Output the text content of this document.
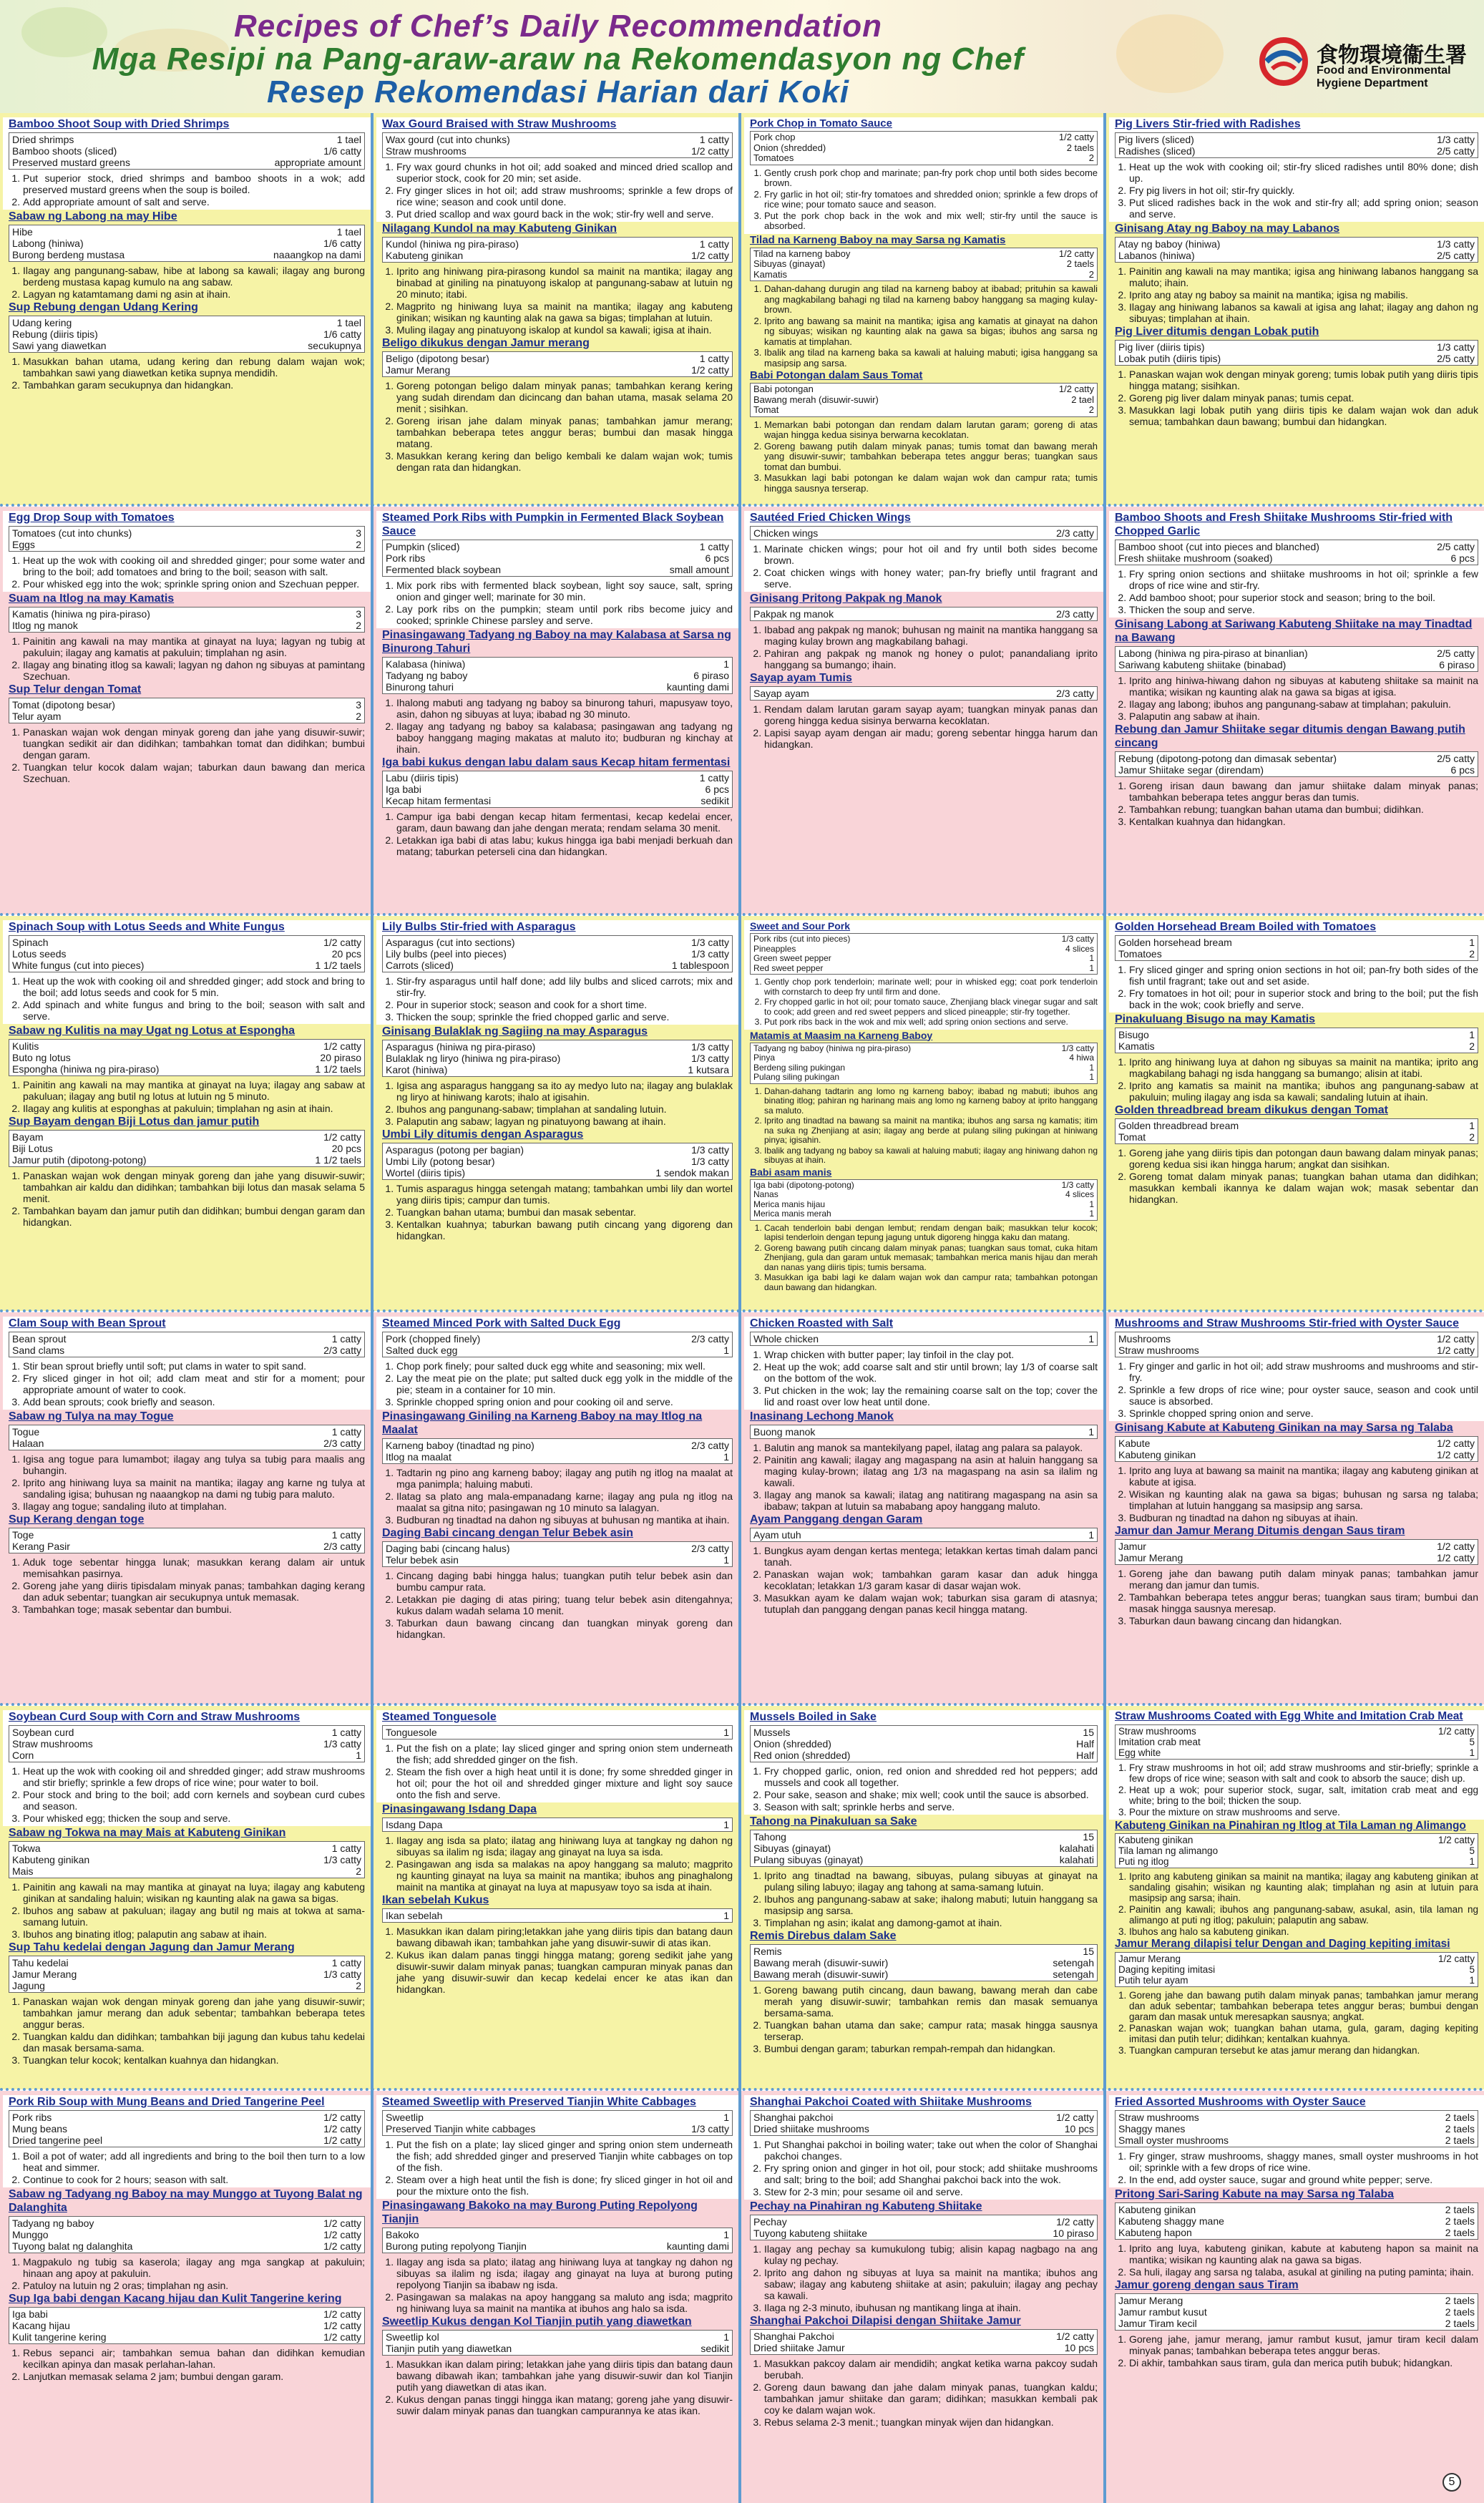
Recipes of Chef’s Daily Recommendation
Mga Resipi na Pang-araw-araw na Rekomendasyon ng Chef
Resep Rekomendasi Harian dari Koki
食物環境衞生署
Food and Environmental Hygiene Department
Bamboo Shoot Soup with Dried Shrimps
Dried shrimps	1 tael
Bamboo shoots (sliced)	1/6 catty
Preserved mustard greens	appropriate amount
1. Put superior stock, dried shrimps and bamboo shoots in a wok; add preserved mustard greens when the soup is boiled.
2. Add appropriate amount of salt and serve.
Sabaw ng Labong na may Hibe
Hibe	1 tael
Labong (hiniwa)	1/6 catty
Burong berdeng mustasa	naaangkop na dami
1. Ilagay ang pangunang-sabaw, hibe at labong sa kawali; ilagay ang burong berdeng mustasa kapag kumulo na ang sabaw.
2. Lagyan ng katamtamang dami ng asin at ihain.
Sup Rebung dengan Udang Kering
Udang kering	1 tael
Rebung (diiris tipis)	1/6 catty
Sawi yang diawetkan	secukupnya
1. Masukkan bahan utama, udang kering dan rebung dalam wajan wok; tambahkan sawi yang diawetkan ketika supnya mendidih.
2. Tambahkan garam secukupnya dan hidangkan.
Wax Gourd Braised with Straw Mushrooms
Wax gourd (cut into chunks)	1 catty
Straw mushrooms	1/2 catty
1. Fry wax gourd chunks in hot oil; add soaked and minced dried scallop and superior stock, cook for 20 min; set aside.
2. Fry ginger slices in hot oil; add straw mushrooms; sprinkle a few drops of rice wine; season and cook until done.
3. Put dried scallop and wax gourd back in the wok; stir-fry well and serve.
Nilagang Kundol na may Kabuteng Ginikan
Kundol (hiniwa ng pira-piraso)	1 catty
Kabuteng ginikan	1/2 catty
1. Iprito ang hiniwang pira-pirasong kundol sa mainit na mantika; ilagay ang binabad at giniling na pinatuyong iskalop at pangunang-sabaw at lutuin ng 20 minuto; itabi.
2. Magprito ng hiniwang luya sa mainit na mantika; ilagay ang kabuteng ginikan; wisikan ng kaunting alak na gawa sa bigas; timplahan at lutuin.
3. Muling ilagay ang pinatuyong iskalop at kundol sa kawali; igisa at ihain.
Beligo dikukus dengan Jamur merang
Beligo (dipotong besar)	1 catty
Jamur Merang	1/2 catty
1. Goreng potongan beligo dalam minyak panas; tambahkan kerang kering yang sudah direndam dan dicincang dan bahan utama, masak selama 20 menit ; sisihkan.
2. Goreng irisan jahe dalam minyak panas; tambahkan jamur merang; tambahkan beberapa tetes anggur beras; bumbui dan masak hingga matang.
3. Masukkan kerang kering dan beligo kembali ke dalam wajan wok; tumis dengan rata dan hidangkan.
Pork Chop in Tomato Sauce
Pork chop	1/2 catty
Onion (shredded)	2 taels
Tomatoes	2
1. Gently crush pork chop and marinate; pan-fry pork chop until both sides become brown.
2. Fry garlic in hot oil; stir-fry tomatoes and shredded onion; sprinkle a few drops of rice wine; pour tomato sauce and season.
3. Put the pork chop back in the wok and mix well; stir-fry until the sauce is absorbed.
Tilad na Karneng Baboy na may Sarsa ng Kamatis
Tilad na karneng baboy	1/2 catty
Sibuyas (ginayat)	2 taels
Kamatis	2
1. Dahan-dahang durugin ang tilad na karneng baboy at ibabad; prituhin sa kawali ang magkabilang bahagi ng tilad na karneng baboy hanggang sa maging kulay-brown.
2. Iprito ang bawang sa mainit na mantika; igisa ang kamatis at ginayat na dahon ng sibuyas; wisikan ng kaunting alak na gawa sa bigas; ibuhos ang sarsa ng kamatis at timplahan.
3. Ibalik ang tilad na karneng baka sa kawali at haluing mabuti; igisa hanggang sa masipsip ang sarsa.
Babi Potongan dalam Saus Tomat
Babi potongan	1/2 catty
Bawang merah (disuwir-suwir)	2 tael
Tomat	2
1. Memarkan babi potongan dan rendam dalam larutan garam; goreng di atas wajan hingga kedua sisinya berwarna kecoklatan.
2. Goreng bawang putih dalam minyak panas; tumis tomat dan bawang merah yang disuwir-suwir; tambahkan beberapa tetes anggur beras; tuangkan saus tomat dan bumbui.
3. Masukkan lagi babi potongan ke dalam wajan wok dan campur rata; tumis hingga sausnya terserap.
Pig Livers Stir-fried with Radishes
Pig livers (sliced)	1/3 catty
Radishes (sliced)	2/5 catty
1. Heat up the wok with cooking oil; stir-fry sliced radishes until 80% done; dish up.
2. Fry pig livers in hot oil; stir-fry quickly.
3. Put sliced radishes back in the wok and stir-fry all; add spring onion; season and serve.
Ginisang Atay ng Baboy na may Labanos
Atay ng baboy (hiniwa)	1/3 catty
Labanos (hiniwa)	2/5 catty
1. Painitin ang kawali na may mantika; igisa ang hiniwang labanos hanggang sa maluto; ihain.
2. Iprito ang atay ng baboy sa mainit na mantika; igisa ng mabilis.
3. Ilagay ang hiniwang labanos sa kawali at igisa ang lahat; ilagay ang dahon ng sibuyas; timplahan at ihain.
Pig Liver ditumis dengan Lobak putih
Pig liver (diiris tipis)	1/3 catty
Lobak putih (diiris tipis)	2/5 catty
1. Panaskan wajan wok dengan minyak goreng; tumis lobak putih yang diiris tipis hingga matang; sisihkan.
2. Goreng pig liver dalam minyak panas; tumis cepat.
3. Masukkan lagi lobak putih yang diiris tipis ke dalam wajan wok dan aduk semua; tambahkan daun bawang; bumbui dan hidangkan.
Egg Drop Soup with Tomatoes
Tomatoes (cut into chunks)	3
Eggs	2
1. Heat up the wok with cooking oil and shredded ginger; pour some water and bring to the boil; add tomatoes and bring to the boil; season with salt.
2. Pour whisked egg into the wok; sprinkle spring onion and Szechuan pepper.
Suam na Itlog na may Kamatis
Kamatis (hiniwa ng pira-piraso)	3
Itlog ng manok	2
1. Painitin ang kawali na may mantika at ginayat na luya; lagyan ng tubig at pakuluin; ilagay ang kamatis at pakuluin; timplahan ng asin.
2. Ilagay ang binating itlog sa kawali; lagyan ng dahon ng sibuyas at pamintang Szechuan.
Sup Telur dengan Tomat
Tomat (dipotong besar)	3
Telur ayam	2
1. Panaskan wajan wok dengan minyak goreng dan jahe yang disuwir-suwir; tuangkan sedikit air dan didihkan; tambahkan tomat dan didihkan; bumbui dengan garam.
2. Tuangkan telur kocok dalam wajan; taburkan daun bawang dan merica Szechuan.
Steamed Pork Ribs with Pumpkin in Fermented Black Soybean Sauce
Pumpkin (sliced)	1 catty
Pork ribs	6 pcs
Fermented black soybean	small amount
1. Mix pork ribs with fermented black soybean, light soy sauce, salt, spring onion and ginger well; marinate for 30 min.
2. Lay pork ribs on the pumpkin; steam until pork ribs become juicy and cooked; sprinkle Chinese parsley and serve.
Pinasingawang Tadyang ng Baboy na may Kalabasa at Sarsa ng Binurong Tahuri
Kalabasa (hiniwa)	1
Tadyang ng baboy	6 piraso
Binurong tahuri	kaunting dami
1. Ihalong mabuti ang tadyang ng baboy sa binurong tahuri, mapusyaw toyo, asin, dahon ng sibuyas at luya; ibabad ng 30 minuto.
2. Ilagay ang tadyang ng baboy sa kalabasa; pasingawan ang tadyang ng baboy hanggang maging makatas at maluto ito; budburan ng kinchay at ihain.
Iga babi kukus dengan labu dalam saus Kecap hitam fermentasi
Labu (diiris tipis)	1 catty
Iga babi	6 pcs
Kecap hitam fermentasi	sedikit
1. Campur iga babi dengan kecap hitam fermentasi, kecap kedelai encer, garam, daun bawang dan jahe dengan merata; rendam selama 30 menit.
2. Letakkan iga babi di atas labu; kukus hingga iga babi menjadi berkuah dan matang; taburkan peterseli cina dan hidangkan.
Sautéed Fried Chicken Wings
Chicken wings	2/3 catty
1. Marinate chicken wings; pour hot oil and fry until both sides become brown.
2. Coat chicken wings with honey water; pan-fry briefly until fragrant and serve.
Ginisang Pritong Pakpak ng Manok
Pakpak ng manok	2/3 catty
1. Ibabad ang pakpak ng manok; buhusan ng mainit na mantika hanggang sa maging kulay brown ang magkabilang bahagi.
2. Pahiran ang pakpak ng manok ng honey o pulot; panandaliang iprito hanggang sa bumango; ihain.
Sayap ayam Tumis
Sayap ayam	2/3 catty
1. Rendam dalam larutan garam sayap ayam; tuangkan minyak panas dan goreng hingga kedua sisinya berwarna kecoklatan.
2. Lapisi sayap ayam dengan air madu; goreng sebentar hingga harum dan hidangkan.
Bamboo Shoots and Fresh Shiitake Mushrooms Stir-fried with Chopped Garlic
Bamboo shoot (cut into pieces and blanched)	2/5 catty
Fresh shiitake mushroom (soaked)	6 pcs
1. Fry spring onion sections and shiitake mushrooms in hot oil; sprinkle a few drops of rice wine and stir-fry.
2. Add bamboo shoot; pour superior stock and season; bring to the boil.
3. Thicken the soup and serve.
Ginisang Labong at Sariwang Kabuteng Shiitake na may Tinadtad na Bawang
Labong (hiniwa ng pira-piraso at binanlian)	2/5 catty
Sariwang kabuteng shiitake (binabad)	6 piraso
1. Iprito ang hiniwa-hiwang dahon ng sibuyas at kabuteng shiitake sa mainit na mantika; wisikan ng kaunting alak na gawa sa bigas at igisa.
2. Ilagay ang labong; ibuhos ang pangunang-sabaw at timplahan; pakuluin.
3. Palaputin ang sabaw at ihain.
Rebung dan Jamur Shiitake segar ditumis dengan Bawang putih cincang
Rebung (dipotong-potong dan dimasak sebentar)	2/5 catty
Jamur Shiitake segar (direndam)	6 pcs
1. Goreng irisan daun bawang dan jamur shiitake dalam minyak panas; tambahkan beberapa tetes anggur beras dan tumis.
2. Tambahkan rebung; tuangkan bahan utama dan bumbui; didihkan.
3. Kentalkan kuahnya dan hidangkan.
Spinach Soup with Lotus Seeds and White Fungus
Spinach	1/2 catty
Lotus seeds	20 pcs
White fungus (cut into pieces)	1 1/2 taels
1. Heat up the wok with cooking oil and shredded ginger; add stock and bring to the boil; add lotus seeds and cook for 5 min.
2. Add spinach and white fungus and bring to the boil; season with salt and serve.
Sabaw ng Kulitis na may Ugat ng Lotus at Espongha
Kulitis	1/2 catty
Buto ng lotus	20 piraso
Espongha (hiniwa ng pira-piraso)	1 1/2 taels
1. Painitin ang kawali na may mantika at ginayat na luya; ilagay ang sabaw at pakuluan; ilagay ang butil ng lotus at lutuin ng 5 minuto.
2. Ilagay ang kulitis at esponghas at pakuluin; timplahan ng asin at ihain.
Sup Bayam dengan Biji Lotus dan jamur putih
Bayam	1/2 catty
Biji Lotus	20 pcs
Jamur putih (dipotong-potong)	1 1/2 taels
1. Panaskan wajan wok dengan minyak goreng dan jahe yang disuwir-suwir; tambahkan air kaldu dan didihkan; tambahkan biji lotus dan masak selama 5 menit.
2. Tambahkan bayam dan jamur putih dan didihkan; bumbui dengan garam dan hidangkan.
Lily Bulbs Stir-fried with Asparagus
Asparagus (cut into sections)	1/3 catty
Lily bulbs (peel into pieces)	1/3 catty
Carrots (sliced)	1 tablespoon
1. Stir-fry asparagus until half done; add lily bulbs and sliced carrots; mix and stir-fry.
2. Pour in superior stock; season and cook for a short time.
3. Thicken the soup; sprinkle the fried chopped garlic and serve.
Ginisang Bulaklak ng Sagiing na may Asparagus
Asparagus (hiniwa ng pira-piraso)	1/3 catty
Bulaklak ng liryo (hiniwa ng pira-piraso)	1/3 catty
Karot (hiniwa)	1 kutsara
1. Igisa ang asparagus hanggang sa ito ay medyo luto na; ilagay ang bulaklak ng liryo at hiniwang karots; ihalo at igisahin.
2. Ibuhos ang pangunang-sabaw; timplahan at sandaling lutuin.
3. Palaputin ang sabaw; lagyan ng pinatuyong bawang at ihain.
Umbi Lily ditumis dengan Asparagus
Asparagus (potong per bagian)	1/3 catty
Umbi Lily (potong besar)	1/3 catty
Wortel (diiris tipis)	1 sendok makan
1. Tumis asparagus hingga setengah matang; tambahkan umbi lily dan wortel yang diiris tipis; campur dan tumis.
2. Tuangkan bahan utama; bumbui dan masak sebentar.
3. Kentalkan kuahnya; taburkan bawang putih cincang yang digoreng dan hidangkan.
Sweet and Sour Pork
Pork ribs (cut into pieces)	1/3 catty
Pineapples	4 slices
Green sweet pepper	1
Red sweet pepper	1
1. Gently chop pork tenderloin; marinate well; pour in whisked egg; coat pork tenderloin with cornstarch to deep fry until firm and done.
2. Fry chopped garlic in hot oil; pour tomato sauce, Zhenjiang black vinegar sugar and salt to cook; add green and red sweet peppers and sliced pineapple; stir-fry together.
3. Put pork ribs back in the wok and mix well; add spring onion sections and serve.
Matamis at Maasim na Karneng Baboy
Tadyang ng baboy (hiniwa ng pira-piraso)	1/3 catty
Pinya	4 hiwa
Berdeng siling pukingan	1
Pulang siling pukingan	1
1. Dahan-dahang tadtarin ang lomo ng karneng baboy; ibabad ng mabuti; ibuhos ang binating itlog; pahiran ng harinang mais ang lomo ng karneng baboy at iprito hanggang sa maluto.
2. Iprito ang tinadtad na bawang sa mainit na mantika; ibuhos ang sarsa ng kamatis; itim na suka ng Zhenjiang at asin; ilagay ang berde at pulang siling pukingan at hiniwang pinya; igisahin.
3. Ibalik ang tadyang ng baboy sa kawali at haluing mabuti; ilagay ang hiniwang dahon ng sibuyas at ihain.
Babi asam manis
Iga babi (dipotong-potong)	1/3 catty
Nanas	4 slices
Merica manis hijau	1
Merica manis merah	1
1. Cacah tenderloin babi dengan lembut; rendam dengan baik; masukkan telur kocok; lapisi tenderloin dengan tepung jagung untuk digoreng hingga kaku dan matang.
2. Goreng bawang putih cincang dalam minyak panas; tuangkan saus tomat, cuka hitam Zhenjiang, gula dan garam untuk memasak; tambahkan merica manis hijau dan merah dan nanas yang diiris tipis; tumis bersama.
3. Masukkan iga babi lagi ke dalam wajan wok dan campur rata; tambahkan potongan daun bawang dan hidangkan.
Golden Horsehead Bream Boiled with Tomatoes
Golden horsehead bream	1
Tomatoes	2
1. Fry sliced ginger and spring onion sections in hot oil; pan-fry both sides of the fish until fragrant; take out and set aside.
2. Fry tomatoes in hot oil; pour in superior stock and bring to the boil; put the fish back in the wok; cook briefly and serve.
Pinakuluang Bisugo na may Kamatis
Bisugo	1
Kamatis	2
1. Iprito ang hiniwang luya at dahon ng sibuyas sa mainit na mantika; iprito ang magkabilang bahagi ng isda hanggang sa bumango; alisin at itabi.
2. Iprito ang kamatis sa mainit na mantika; ibuhos ang pangunang-sabaw at pakuluin; muling ilagay ang isda sa kawali; sandaling lutuin at ihain.
Golden threadbread bream dikukus dengan Tomat
Golden threadbread bream	1
Tomat	2
1. Goreng jahe yang diiris tipis dan potongan daun bawang dalam minyak panas; goreng kedua sisi ikan hingga harum; angkat dan sisihkan.
2. Goreng tomat dalam minyak panas; tuangkan bahan utama dan didihkan; masukkan kembali ikannya ke dalam wajan wok; masak sebentar dan hidangkan.
Clam Soup with Bean Sprout
Bean sprout	1 catty
Sand clams	2/3 catty
1. Stir bean sprout briefly until soft; put clams in water to spit sand.
2. Fry sliced ginger in hot oil; add clam meat and stir for a moment; pour appropriate amount of water to cook.
3. Add bean sprouts; cook briefly and season.
Sabaw ng Tulya na may Togue
Togue	1 catty
Halaan	2/3 catty
1. Igisa ang togue para lumambot; ilagay ang tulya sa tubig para maalis ang buhangin.
2. Iprito ang hiniwang luya sa mainit na mantika; ilagay ang karne ng tulya at sandaling igisa; buhusan ng naaangkop na dami ng tubig para maluto.
3. Ilagay ang togue; sandaling iluto at timplahan.
Sup Kerang dengan toge
Toge	1 catty
Kerang Pasir	2/3 catty
1. Aduk toge sebentar hingga lunak; masukkan kerang dalam air untuk memisahkan pasirnya.
2. Goreng jahe yang diiris tipisdalam minyak panas; tambahkan daging kerang dan aduk sebentar; tuangkan air secukupnya untuk memasak.
3. Tambahkan toge; masak sebentar dan bumbui.
Steamed Minced Pork with Salted Duck Egg
Pork (chopped finely)	2/3 catty
Salted duck egg	1
1. Chop pork finely; pour salted duck egg white and seasoning; mix well.
2. Lay the meat pie on the plate; put salted duck egg yolk in the middle of the pie; steam in a container for 10 min.
3. Sprinkle chopped spring onion and pour cooking oil and serve.
Pinasingawang Giniling na Karneng Baboy na may Itlog na Maalat
Karneng baboy (tinadtad ng pino)	2/3 catty
Itlog na maalat	1
1. Tadtarin ng pino ang karneng baboy; ilagay ang putih ng itlog na maalat at mga panimpla; haluing mabuti.
2. Ilatag sa plato ang mala-empanadang karne; ilagay ang pula ng itlog na maalat sa gitna nito; pasingawan ng 10 minuto sa lalagyan.
3. Budburan ng tinadtad na dahon ng sibuyas at buhusan ng mantika at ihain.
Daging Babi cincang dengan Telur Bebek asin
Daging babi (cincang halus)	2/3 catty
Telur bebek asin	1
1. Cincang daging babi hingga halus; tuangkan putih telur bebek asin dan bumbu campur rata.
2. Letakkan pie daging di atas piring; tuang telur bebek asin ditengahnya; kukus dalam wadah selama 10 menit.
3. Taburkan daun bawang cincang dan tuangkan minyak goreng dan hidangkan.
Chicken Roasted with Salt
Whole chicken	1
1. Wrap chicken with butter paper; lay tinfoil in the clay pot.
2. Heat up the wok; add coarse salt and stir until brown; lay 1/3 of coarse salt on the bottom of the wok.
3. Put chicken in the wok; lay the remaining coarse salt on the top; cover the lid and roast over low heat until done.
Inasinang Lechong Manok
Buong manok	1
1. Balutin ang manok sa mantekilyang papel, ilatag ang palara sa palayok.
2. Painitin ang kawali; ilagay ang magaspang na asin at haluin hanggang sa maging kulay-brown; ilatag ang 1/3 na magaspang na asin sa ilalim ng kawali.
3. Ilagay ang manok sa kawali; ilatag ang natitirang magaspang na asin sa ibabaw; takpan at lutuin sa mababang apoy hanggang maluto.
Ayam Panggang dengan Garam
Ayam utuh	1
1. Bungkus ayam dengan kertas mentega; letakkan kertas timah dalam panci tanah.
2. Panaskan wajan wok; tambahkan garam kasar dan aduk hingga kecoklatan; letakkan 1/3 garam kasar di dasar wajan wok.
3. Masukkan ayam ke dalam wajan wok; taburkan sisa garam di atasnya; tutuplah dan panggang dengan panas kecil hingga matang.
Mushrooms and Straw Mushrooms Stir-fried with Oyster Sauce
Mushrooms	1/2 catty
Straw mushrooms	1/2 catty
1. Fry ginger and garlic in hot oil; add straw mushrooms and mushrooms and stir-fry.
2. Sprinkle a few drops of rice wine; pour oyster sauce, season and cook until sauce is absorbed.
3. Sprinkle chopped spring onion and serve.
Ginisang Kabute at Kabuteng Ginikan na may Sarsa ng Talaba
Kabute	1/2 catty
Kabuteng ginikan	1/2 catty
1. Iprito ang luya at bawang sa mainit na mantika; ilagay ang kabuteng ginikan at kabute at igisa.
2. Wisikan ng kaunting alak na gawa sa bigas; buhusan ng sarsa ng talaba; timplahan at lutuin hanggang sa masipsip ang sarsa.
3. Budburan ng tinadtad na dahon ng sibuyas at ihain.
Jamur dan Jamur Merang Ditumis dengan Saus tiram
Jamur	1/2 catty
Jamur Merang	1/2 catty
1. Goreng jahe dan bawang putih dalam minyak panas; tambahkan jamur merang dan jamur dan tumis.
2. Tambahkan beberapa tetes anggur beras; tuangkan saus tiram; bumbui dan masak hingga sausnya meresap.
3. Taburkan daun bawang cincang dan hidangkan.
Soybean Curd Soup with Corn and Straw Mushrooms
Soybean curd	1 catty
Straw mushrooms	1/3 catty
Corn	1
1. Heat up the wok with cooking oil and shredded ginger; add straw mushrooms and stir briefly; sprinkle a few drops of rice wine; pour water to boil.
2. Pour stock and bring to the boil; add corn kernels and soybean curd cubes and season.
3. Pour whisked egg; thicken the soup and serve.
Sabaw ng Tokwa na may Mais at Kabuteng Ginikan
Tokwa	1 catty
Kabuteng ginikan	1/3 catty
Mais	2
1. Painitin ang kawali na may mantika at ginayat na luya; ilagay ang kabuteng ginikan at sandaling haluin; wisikan ng kaunting alak na gawa sa bigas.
2. Ibuhos ang sabaw at pakuluan; ilagay ang butil ng mais at tokwa at sama-samang lutuin.
3. Ibuhos ang binating itlog; palaputin ang sabaw at ihain.
Sup Tahu kedelai dengan Jagung dan Jamur Merang
Tahu kedelai	1 catty
Jamur Merang	1/3 catty
Jagung	2
1. Panaskan wajan wok dengan minyak goreng dan jahe yang disuwir-suwir; tambahkan jamur merang dan aduk sebentar; tambahkan beberapa tetes anggur beras.
2. Tuangkan kaldu dan didihkan; tambahkan biji jagung dan kubus tahu kedelai dan masak bersama-sama.
3. Tuangkan telur kocok; kentalkan kuahnya dan hidangkan.
Steamed Tonguesole
Tonguesole	1
1. Put the fish on a plate; lay sliced ginger and spring onion stem underneath the fish; add shredded ginger on the fish.
2. Steam the fish over a high heat until it is done; fry some shredded ginger in hot oil; pour the hot oil and shredded ginger mixture and light soy sauce onto the fish and serve.
Pinasingawang Isdang Dapa
Isdang Dapa	1
1. Ilagay ang isda sa plato; ilatag ang hiniwang luya at tangkay ng dahon ng sibuyas sa ilalim ng isda; ilagay ang ginayat na luya sa isda.
2. Pasingawan ang isda sa malakas na apoy hanggang sa maluto; magprito ng kaunting ginayat na luya sa mainit na mantika; ibuhos ang pinaghalong mainit na mantika at ginayat na luya at mapusyaw toyo sa isda at ihain.
Ikan sebelah Kukus
Ikan sebelah	1
1. Masukkan ikan dalam piring;letakkan jahe yang diiris tipis dan batang daun bawang dibawah ikan; tambahkan jahe yang disuwir-suwir di atas ikan.
2. Kukus ikan dalam panas tinggi hingga matang; goreng sedikit jahe yang disuwir-suwir dalam minyak panas; tuangkan campuran minyak panas dan jahe yang disuwir-suwir dan kecap kedelai encer ke atas ikan dan hidangkan.
Mussels Boiled in Sake
Mussels	15
Onion (shredded)	Half
Red onion (shredded)	Half
1. Fry chopped garlic, onion, red onion and shredded red hot peppers; add mussels and cook all together.
2. Pour sake, season and shake; mix well; cook until the sauce is absorbed.
3. Season with salt; sprinkle herbs and serve.
Tahong na Pinakuluan sa Sake
Tahong	15
Sibuyas (ginayat)	kalahati
Pulang sibuyas (ginayat)	kalahati
1. Iprito ang tinadtad na bawang, sibuyas, pulang sibuyas at ginayat na pulang siling labuyo; ilagay ang tahong at sama-samang lutuin.
2. Ibuhos ang pangunang-sabaw at sake; ihalong mabuti; lutuin hanggang sa masipsip ang sarsa.
3. Timplahan ng asin; ikalat ang damong-gamot at ihain.
Remis Direbus dalam Sake
Remis	15
Bawang merah (disuwir-suwir)	setengah
Bawang merah (disuwir-suwir)	setengah
1. Goreng bawang putih cincang, daun bawang, bawang merah dan cabe merah yang disuwir-suwir; tambahkan remis dan masak semuanya bersama-sama.
2. Tuangkan bahan utama dan sake; campur rata; masak hingga sausnya terserap.
3. Bumbui dengan garam; taburkan rempah-rempah dan hidangkan.
Straw Mushrooms Coated with Egg White and Imitation Crab Meat
Straw mushrooms	1/2 catty
Imitation crab meat	5
Egg white	1
1. Fry straw mushrooms in hot oil; add straw mushrooms and stir-briefly; sprinkle a few drops of rice wine; season with salt and cook to absorb the sauce; dish up.
2. Heat up a wok; pour superior stock, sugar, salt, imitation crab meat and egg white; bring to the boil; thicken the soup.
3. Pour the mixture on straw mushrooms and serve.
Kabuteng Ginikan na Pinahiran ng Itlog at Tila Laman ng Alimango
Kabuteng ginikan	1/2 catty
Tila laman ng alimango	5
Puti ng itlog	1
1. Iprito ang kabuteng ginikan sa mainit na mantika; ilagay ang kabuteng ginikan at sandaling gisahin; wisikan ng kaunting alak; timplahan ng asin at lutuin para masipsip ang sarsa; ihain.
2. Painitin ang kawali; ibuhos ang pangunang-sabaw, asukal, asin, tila laman ng alimango at puti ng itlog; pakuluin; palaputin ang sabaw.
3. Ibuhos ang halo sa kabuteng ginikan.
Jamur Merang dilapisi telur Dengan and Daging kepiting imitasi
Jamur Merang	1/2 catty
Daging kepiting imitasi	5
Putih telur ayam	1
1. Goreng jahe dan bawang putih dalam minyak panas; tambahkan jamur merang dan aduk sebentar; tambahkan beberapa tetes anggur beras; bumbui dengan garam dan masak untuk meresapkan sausnya; angkat.
2. Panaskan wajan wok; tuangkan bahan utama, gula, garam, daging kepiting imitasi dan putih telur; didihkan; kentalkan kuahnya.
3. Tuangkan campuran tersebut ke atas jamur merang dan hidangkan.
Pork Rib Soup with Mung Beans and Dried Tangerine Peel
Pork ribs	1/2 catty
Mung beans	1/2 catty
Dried tangerine peel	1/2 catty
1. Boil a pot of water; add all ingredients and bring to the boil then turn to a low heat and simmer.
2. Continue to cook for 2 hours; season with salt.
Sabaw ng Tadyang ng Baboy na may Munggo at Tuyong Balat ng Dalanghita
Tadyang ng baboy	1/2 catty
Munggo	1/2 catty
Tuyong balat ng dalanghita	1/2 catty
1. Magpakulo ng tubig sa kaserola; ilagay ang mga sangkap at pakuluin; hinaan ang apoy at pakuluin.
2. Patuloy na lutuin ng 2 oras; timplahan ng asin.
Sup Iga babi dengan Kacang hijau dan Kulit Tangerine kering
Iga babi	1/2 catty
Kacang hijau	1/2 catty
Kulit tangerine kering	1/2 catty
1. Rebus sepanci air; tambahkan semua bahan dan didihkan kemudian kecilkan apinya dan masak perlahan-lahan.
2. Lanjutkan memasak selama 2 jam; bumbui dengan garam.
Steamed Sweetlip with Preserved Tianjin White Cabbages
Sweetlip	1
Preserved Tianjin white cabbages	1/3 catty
1. Put the fish on a plate; lay sliced ginger and spring onion stem underneath the fish; add shredded ginger and preserved Tianjin white cabbages on top of the fish.
2. Steam over a high heat until the fish is done; fry sliced ginger in hot oil and pour the mixture onto the fish.
Pinasingawang Bakoko na may Burong Puting Repolyong Tianjin
Bakoko	1
Burong puting repolyong Tianjin	kaunting dami
1. Ilagay ang isda sa plato; ilatag ang hiniwang luya at tangkay ng dahon ng sibuyas sa ilalim ng isda; ilagay ang ginayat na luya at burong puting repolyong Tianjin sa ibabaw ng isda.
2. Pasingawan sa malakas na apoy hanggang sa maluto ang isda; magprito ng hiniwang luya sa mainit na mantika at ibuhos ang halo sa isda.
Sweetlip Kukus dengan Kol Tianjin putih yang diawetkan
Sweetlip kol	1
Tianjin putih yang diawetkan	sedikit
1. Masukkan ikan dalam piring; letakkan jahe yang diiris tipis dan batang daun bawang dibawah ikan; tambahkan jahe yang disuwir-suwir dan kol Tianjin putih yang diawetkan di atas ikan.
2. Kukus dengan panas tinggi hingga ikan matang; goreng jahe yang disuwir-suwir dalam minyak panas dan tuangkan campurannya ke atas ikan.
Shanghai Pakchoi Coated with Shiitake Mushrooms
Shanghai pakchoi	1/2 catty
Dried shiitake mushrooms	10 pcs
1. Put Shanghai pakchoi in boiling water; take out when the color of Shanghai pakchoi changes.
2. Fry spring onion and ginger in hot oil, pour stock; add shiitake mushrooms and salt; bring to the boil; add Shanghai pakchoi back into the wok.
3. Stew for 2-3 min; pour sesame oil and serve.
Pechay na Pinahiran ng Kabuteng Shiitake
Pechay	1/2 catty
Tuyong kabuteng shiitake	10 piraso
1. Ilagay ang pechay sa kumukulong tubig; alisin kapag nagbago na ang kulay ng pechay.
2. Iprito ang dahon ng sibuyas at luya sa mainit na mantika; ibuhos ang sabaw; ilagay ang kabuteng shiitake at asin; pakuluin; ilagay ang pechay sa kawali.
3. Ilaga ng 2-3 minuto, ibuhusan ng mantikang linga at ihain.
Shanghai Pakchoi Dilapisi dengan Shiitake Jamur
Shanghai Pakchoi	1/2 catty
Dried shiitake Jamur	10 pcs
1. Masukkan pakcoy dalam air mendidih; angkat ketika warna pakcoy sudah berubah.
2. Goreng daun bawang dan jahe dalam minyak panas, tuangkan kaldu; tambahkan jamur shiitake dan garam; didihkan; masukkan kembali pak coy ke dalam wajan wok.
3. Rebus selama 2-3 menit.; tuangkan minyak wijen dan hidangkan.
Fried Assorted Mushrooms with Oyster Sauce
Straw mushrooms	2 taels
Shaggy manes	2 taels
Small oyster mushrooms	2 taels
1. Fry ginger, straw mushrooms, shaggy manes, small oyster mushrooms in hot oil; sprinkle with a few drops of rice wine.
2. In the end, add oyster sauce, sugar and ground white pepper; serve.
Pritong Sari-Saring Kabute na may Sarsa ng Talaba
Kabuteng ginikan	2 taels
Kabuteng shaggy mane	2 taels
Kabuteng hapon	2 taels
1. Iprito ang luya, kabuteng ginikan, kabute at kabuteng hapon sa mainit na mantika; wisikan ng kaunting alak na gawa sa bigas.
2. Sa huli, ilagay ang sarsa ng talaba, asukal at giniling na puting paminta; ihain.
Jamur goreng dengan saus Tiram
Jamur Merang	2 taels
Jamur rambut kusut	2 taels
Jamur Tiram kecil	2 taels
1. Goreng jahe, jamur merang, jamur rambut kusut, jamur tiram kecil dalam minyak panas; tambahkan beberapa tetes anggur beras.
2. Di akhir, tambahkan saus tiram, gula dan merica putih bubuk; hidangkan.
5
